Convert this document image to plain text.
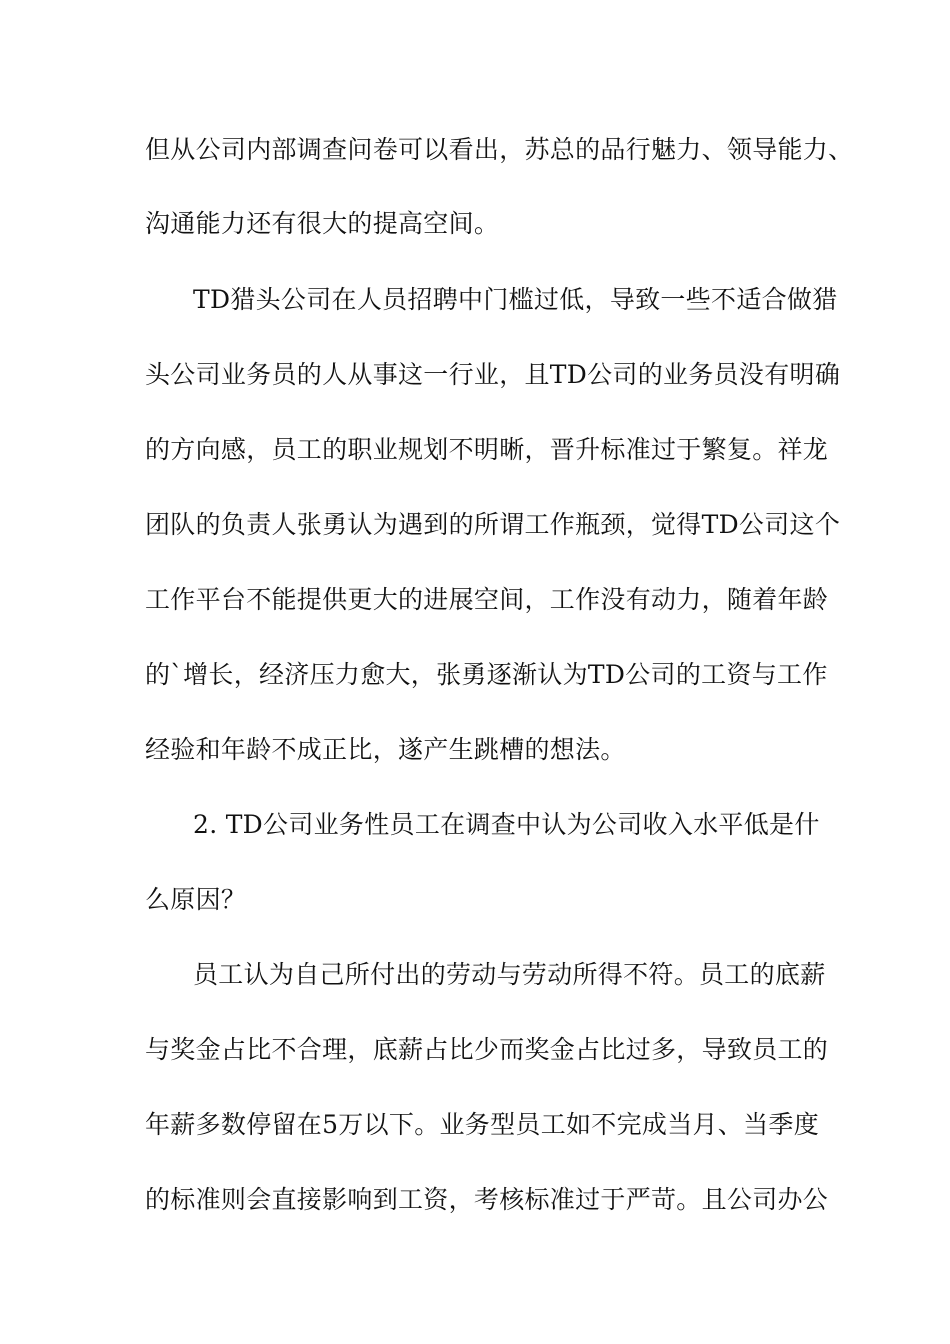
但从公司内部调查问卷可以看出，苏总的品行魅力、领导能力、
沟通能力还有很大的提高空间。
TD猎头公司在人员招聘中门槛过低，导致一些不适合做猎
头公司业务员的人从事这一行业，且TD公司的业务员没有明确
的方向感，员工的职业规划不明晰，晋升标准过于繁复。祥龙
团队的负责人张勇认为遇到的所谓工作瓶颈，觉得TD公司这个
工作平台不能提供更大的进展空间，工作没有动力，随着年龄
的`增长，经济压力愈大，张勇逐渐认为TD公司的工资与工作
经验和年龄不成正比，遂产生跳槽的想法。
2. TD公司业务性员工在调查中认为公司收入水平低是什
么原因？
员工认为自己所付出的劳动与劳动所得不符。员工的底薪
与奖金占比不合理，底薪占比少而奖金占比过多，导致员工的
年薪多数停留在5万以下。业务型员工如不完成当月、当季度
的标准则会直接影响到工资，考核标准过于严苛。且公司办公
